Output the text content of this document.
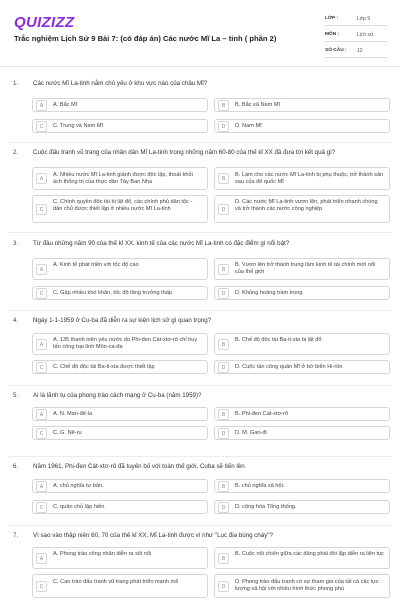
QUIZIZZ
Trắc nghiệm Lịch Sử 9 Bài 7: (có đáp án) Các nước Mĩ La – tinh ( phần 2)
LỚP :	Lớp 9
MÔN :	Lịch sử
SỐ CÂU :	12
1. Các nước Mĩ La-tinh nằm chủ yếu ở khu vực nào của châu Mĩ?
A	A. Bắc Mĩ	B	B. Bắc và Nam Mĩ
C	C. Trung và Nam Mĩ	D	D. Nam Mĩ
2. Cuộc đấu tranh vũ trang của nhân dân Mĩ La-tinh trong những năm 60-80 của thế kỉ XX đã đưa tới kết quả gì?
A
A. Nhiều nước Mĩ La-tinh giành được độc lập, thoát khỏi ách thống trị của thực dân Tây Ban Nha	B
B. Làm cho các nước Mĩ La-tinh bị phụ thuộc, trở thành sân sau của đế quốc Mĩ
C
C. Chính quyền độc tài bị lật đổ, các chính phủ dân tộc - dân chủ được thiết lập ở nhiều nước Mĩ La-tinh	D
D. Các nước Mĩ La-tinh vươn lên, phát triển nhanh chóng và trở thành các nước công nghiệp
3. Từ đầu những năm 90 của thế kỉ XX, kinh tế của các nước Mĩ La-tinh có đặc điểm gì nổi bật?
A
A. Kinh tế phát triển với tốc độ cao
B
B. Vươn lên trở thành trung tâm kinh tế tài chính mới nổi của thế giới
C	C. Gặp nhiều khó khăn, tốc độ tăng trưởng thấp	D	D. Khủng hoảng trầm trọng
4. Ngày 1-1-1959 ở Cu-ba đã diễn ra sự kiện lịch sử gì quan trọng?
A
A. 135 thanh niên yêu nước do Phi-đen Cát-xtơ-rô chỉ huy tấn công trại lính Môn-ca-đa	B
B. Chế độ độc tài Ba-ti-xta bị lật đổ
C	C. Chế độ độc tài Ba-ti-xta được thiết lập	D	D. Cuộc tấn công quân Mĩ ở bờ biển Hi-rôn
5. Ai là lãnh tụ của phong trào cách mạng ở Cu-ba (năm 1959)?
A	A. N. Man-đê-la	B	B. Phi-đen Cát-xtơ-rô
C	C. G. Nê-ru	D	D. M. Gan-đi
6. Năm 1961, Phi-đen Cát-xtơ-rô đã tuyên bố với toàn thế giới, Cuba sẽ tiến lên
A	A. chủ nghĩa tư bản.	B	B. chủ nghĩa xã hội.
C	C. quân chủ lập hiến.	D	D. cộng hòa Tổng thống.
7. Vì sao vào thập niên 60, 70 của thế kỉ XX, Mĩ La-tinh được ví như "Lục địa bùng cháy"?
A
A. Phong trào công nhân diễn ra sôi nổi
B
B. Cuộc nội chiến giữa các đảng phái đòi lập diễn ra liên tục
C
C. Cao trào đấu tranh vũ trang phát triển mạnh mẽ
D
D. Phong trào đấu tranh có sự tham gia của tất cả các lực lượng xã hội với nhiều hình thức phong phú
